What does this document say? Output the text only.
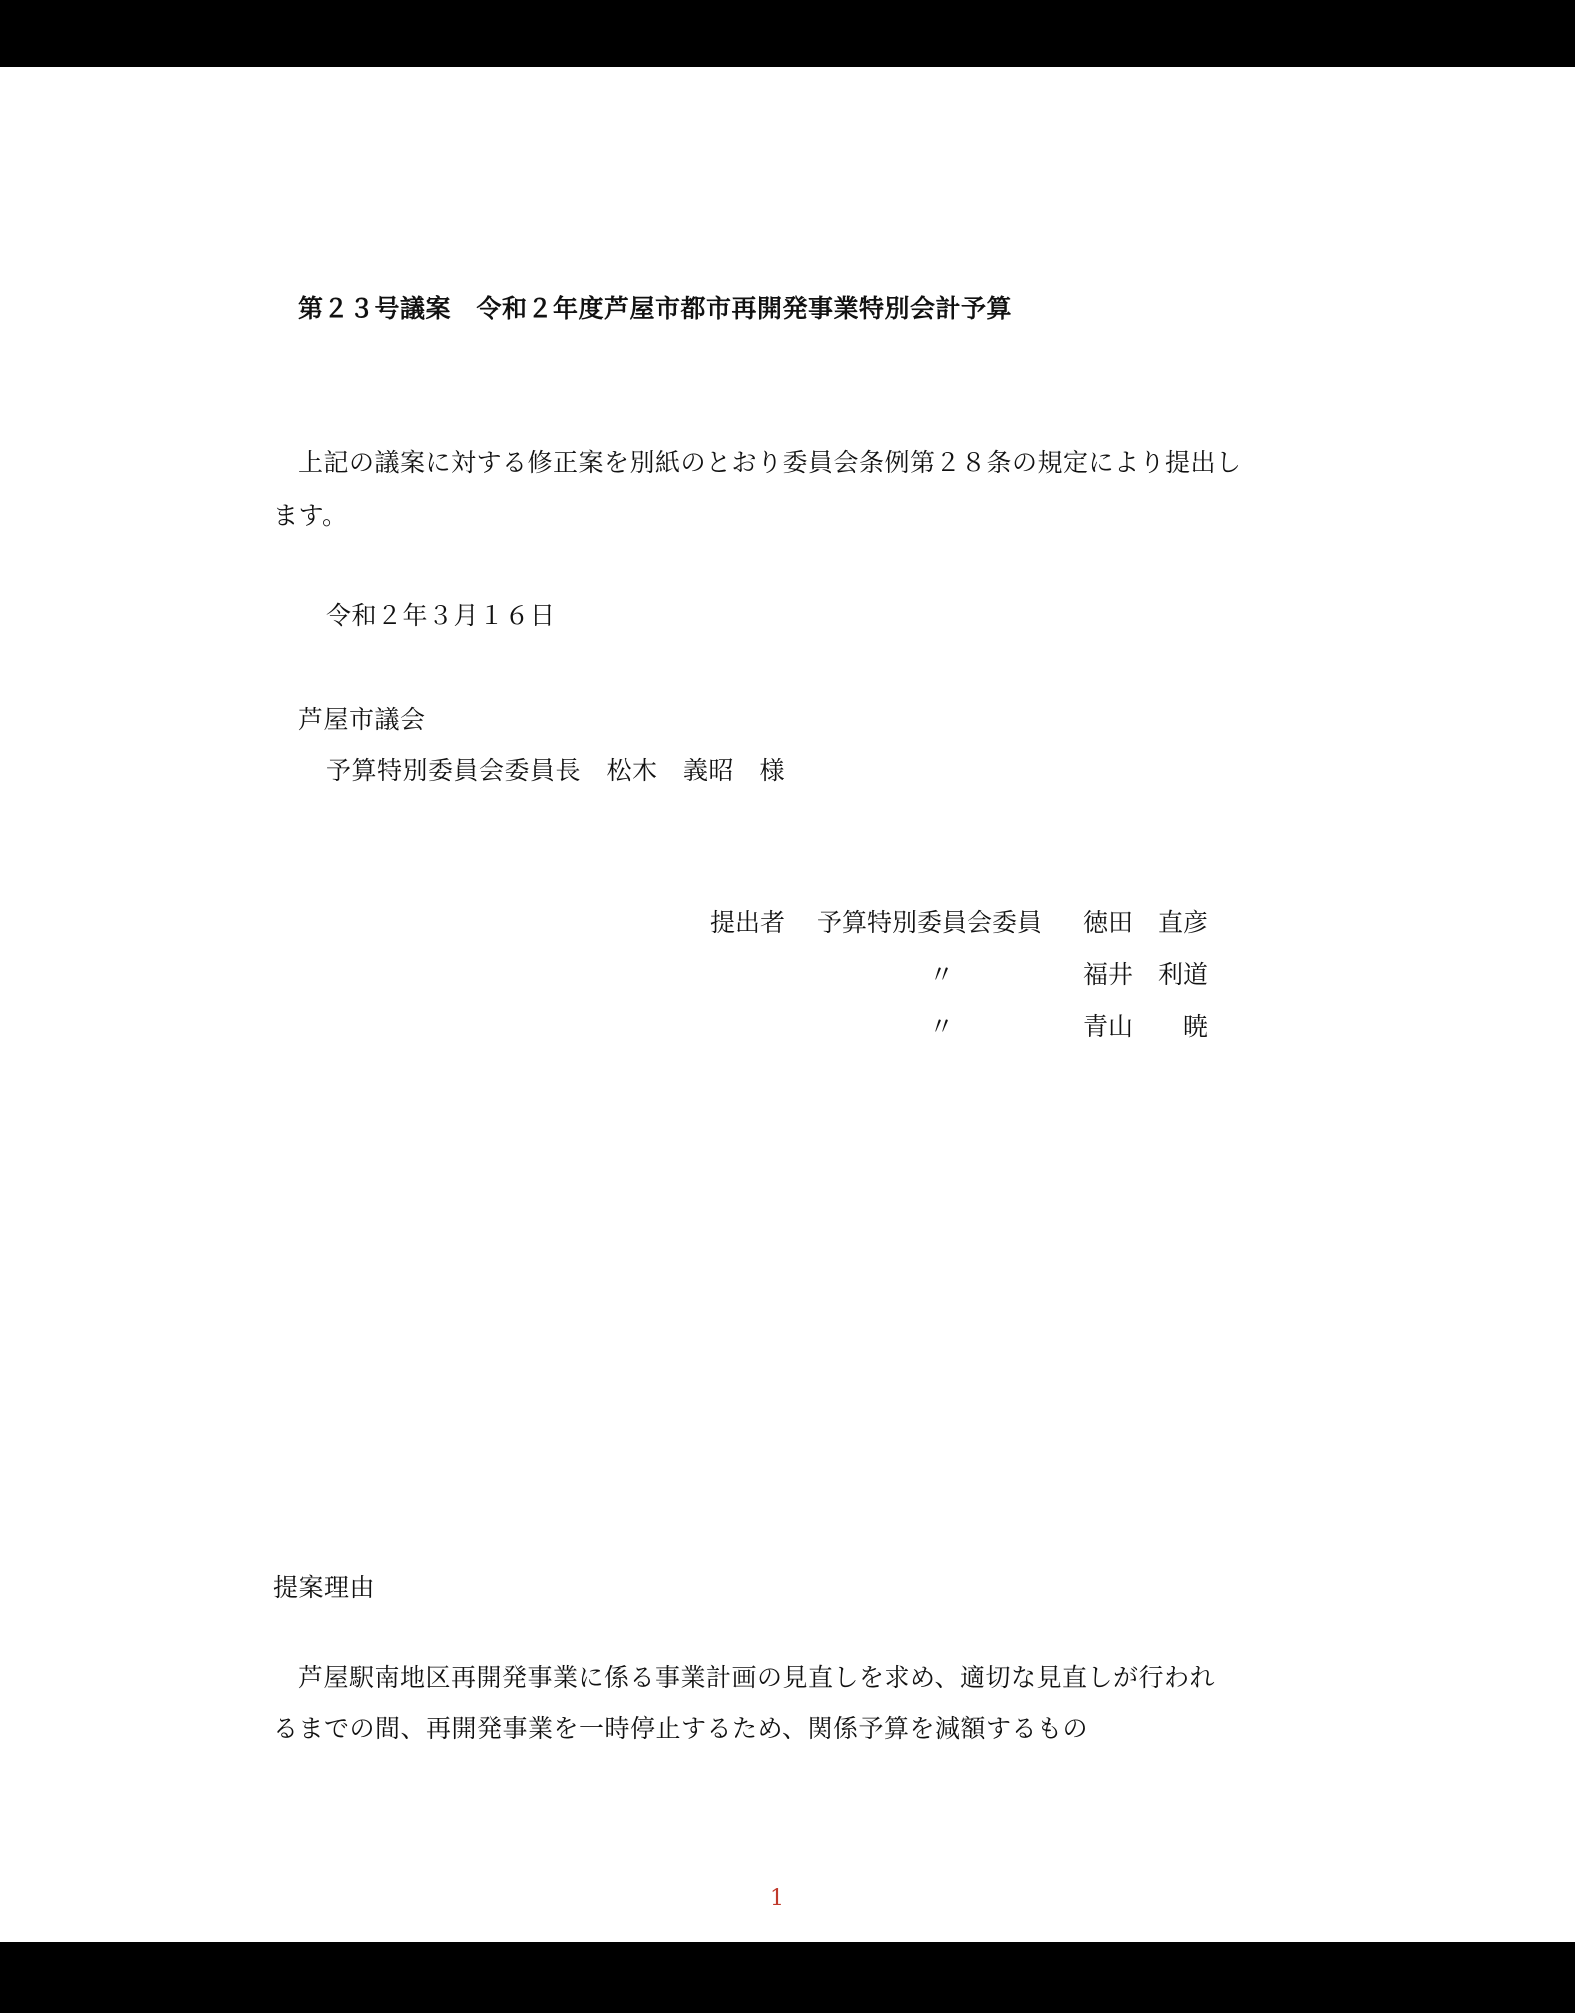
第２３号議案　令和２年度芦屋市都市再開発事業特別会計予算
上記の議案に対する修正案を別紙のとおり委員会条例第２８条の規定により提出し
ます。
令和２年３月１６日
芦屋市議会
予算特別委員会委員長　松木　義昭　様
提出者 予算特別委員会委員
〃
〃
徳田　直彦
福井　利道
青山　　暁
提案理由
芦屋駅南地区再開発事業に係る事業計画の見直しを求め、適切な見直しが行われ
るまでの間、再開発事業を一時停止するため、関係予算を減額するもの
1
